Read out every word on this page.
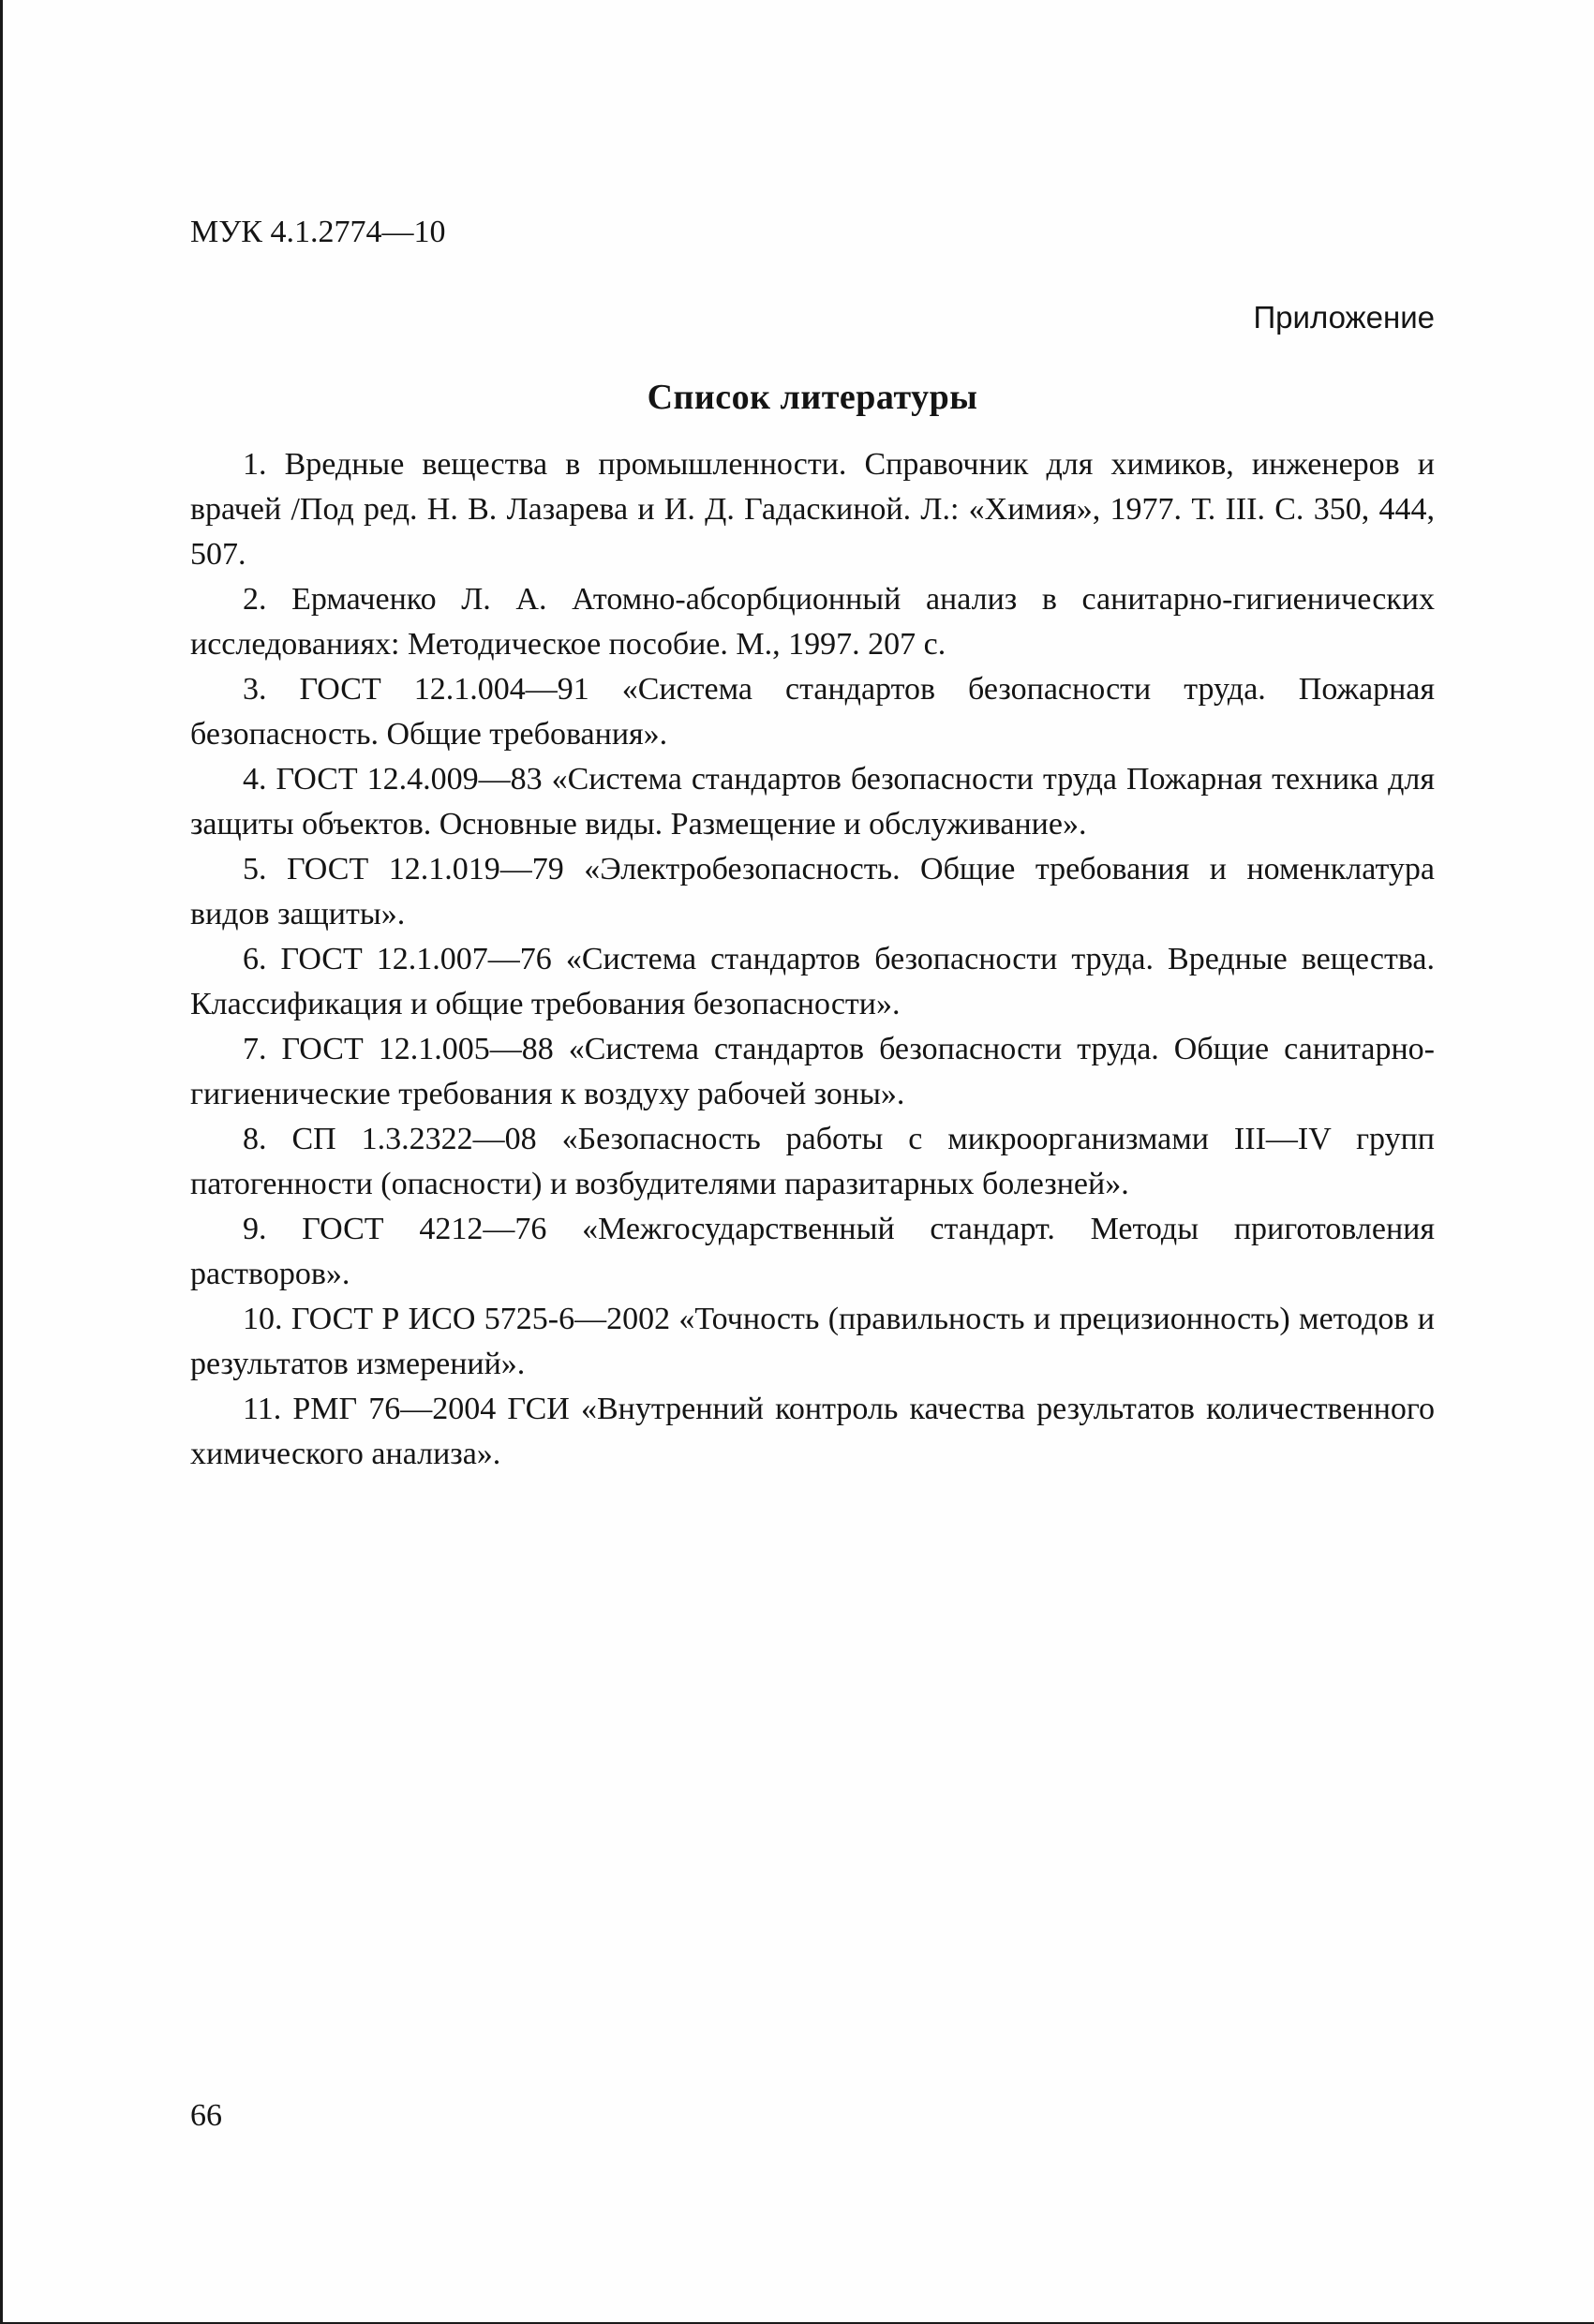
МУК 4.1.2774—10
Приложение
Список литературы

1. Вредные вещества в промышленности. Справочник для химиков, инженеров и врачей /Под ред. Н. В. Лазарева и И. Д. Гадаскиной. Л.: «Химия», 1977. Т. III. С. 350, 444, 507.

2. Ермаченко Л. А. Атомно-абсорбционный анализ в санитарно-гигиенических исследованиях: Методическое пособие. М., 1997. 207 с.

3. ГОСТ 12.1.004—91 «Система стандартов безопасности труда. Пожарная безопасность. Общие требования».

4. ГОСТ 12.4.009—83 «Система стандартов безопасности труда Пожарная техника для защиты объектов. Основные виды. Размещение и обслуживание».

5. ГОСТ 12.1.019—79 «Электробезопасность. Общие требования и номенклатура видов защиты».

6. ГОСТ 12.1.007—76 «Система стандартов безопасности труда. Вредные вещества. Классификация и общие требования безопасности».

7. ГОСТ 12.1.005—88 «Система стандартов безопасности труда. Общие санитарно-гигиенические требования к воздуху рабочей зоны».

8. СП 1.3.2322—08 «Безопасность работы с микроорганизмами III—IV групп патогенности (опасности) и возбудителями паразитарных болезней».

9. ГОСТ 4212—76 «Межгосударственный стандарт. Методы приготовления растворов».

10. ГОСТ Р ИСО 5725-6—2002 «Точность (правильность и прецизионность) методов и результатов измерений».

11. РМГ 76—2004 ГСИ «Внутренний контроль качества результатов количественного химического анализа».

66
